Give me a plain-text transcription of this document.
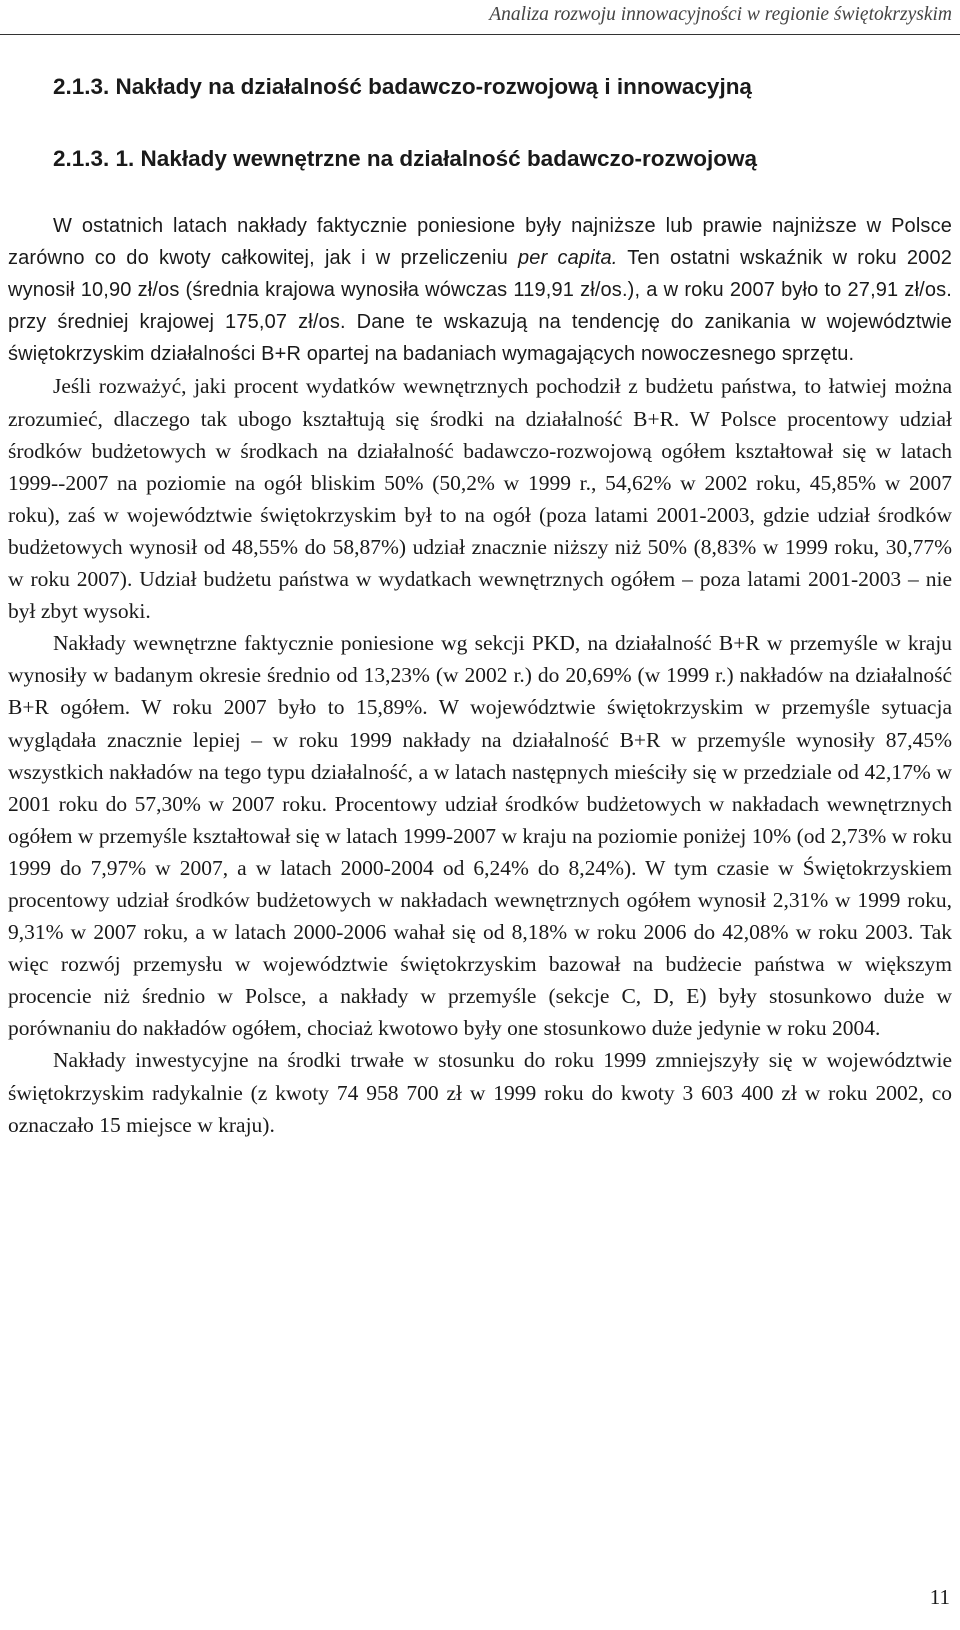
Analiza rozwoju innowacyjności w regionie świętokrzyskim
2.1.3. Nakłady na działalność badawczo-rozwojową i innowacyjną
2.1.3. 1. Nakłady wewnętrzne na działalność badawczo-rozwojową

W ostatnich latach nakłady faktycznie poniesione były najniższe lub prawie najniższe w Polsce zarówno co do kwoty całkowitej, jak i w przeliczeniu per capita. Ten ostatni wskaźnik w roku 2002 wynosił 10,90 zł/os (średnia krajowa wynosiła wówczas 119,91 zł/os.), a w roku 2007 było to 27,91 zł/os. przy średniej krajowej 175,07 zł/os. Dane te wskazują na tendencję do zanikania w województwie świętokrzyskim działalności B+R opartej na badaniach wymagających nowoczesnego sprzętu.

Jeśli rozważyć, jaki procent wydatków wewnętrznych pochodził z budżetu państwa, to łatwiej można zrozumieć, dlaczego tak ubogo kształtują się środki na działalność B+R. W Polsce procentowy udział środków budżetowych w środkach na działalność badawczo-rozwojową ogółem kształtował się w latach 1999--2007 na poziomie na ogół bliskim 50% (50,2% w 1999 r., 54,62% w 2002 roku, 45,85% w 2007 roku), zaś w województwie świętokrzyskim był to na ogół (poza latami 2001-2003, gdzie udział środków budżetowych wynosił od 48,55% do 58,87%) udział znacznie niższy niż 50% (8,83% w 1999 roku, 30,77% w roku 2007). Udział budżetu państwa w wydatkach wewnętrznych ogółem – poza latami 2001-2003 – nie był zbyt wysoki.

Nakłady wewnętrzne faktycznie poniesione wg sekcji PKD, na działalność B+R w przemyśle w kraju wynosiły w badanym okresie średnio od 13,23% (w 2002 r.) do 20,69% (w 1999 r.) nakładów na działalność B+R ogółem. W roku 2007 było to 15,89%. W województwie świętokrzyskim w przemyśle sytuacja wyglądała znacznie lepiej – w roku 1999 nakłady na działalność B+R w przemyśle wynosiły 87,45% wszystkich nakładów na tego typu działalność, a w latach następnych mieściły się w przedziale od 42,17% w 2001 roku do 57,30% w 2007 roku. Procentowy udział środków budżetowych w nakładach wewnętrznych ogółem w przemyśle kształtował się w latach 1999-2007 w kraju na poziomie poniżej 10% (od 2,73% w roku 1999 do 7,97% w 2007, a w latach 2000-2004 od 6,24% do 8,24%). W tym czasie w Świętokrzyskiem procentowy udział środków budżetowych w nakładach wewnętrznych ogółem wynosił 2,31% w 1999 roku, 9,31% w 2007 roku, a w latach 2000-2006 wahał się od 8,18% w roku 2006 do 42,08% w roku 2003. Tak więc rozwój przemysłu w województwie świętokrzyskim bazował na budżecie państwa w większym procencie niż średnio w Polsce, a nakłady w przemyśle (sekcje C, D, E) były stosunkowo duże w porównaniu do nakładów ogółem, chociaż kwotowo były one stosunkowo duże jedynie w roku 2004.

Nakłady inwestycyjne na środki trwałe w stosunku do roku 1999 zmniejszyły się w województwie świętokrzyskim radykalnie (z kwoty 74 958 700 zł w 1999 roku do kwoty 3 603 400 zł w roku 2002, co oznaczało 15 miejsce w kraju).

11
